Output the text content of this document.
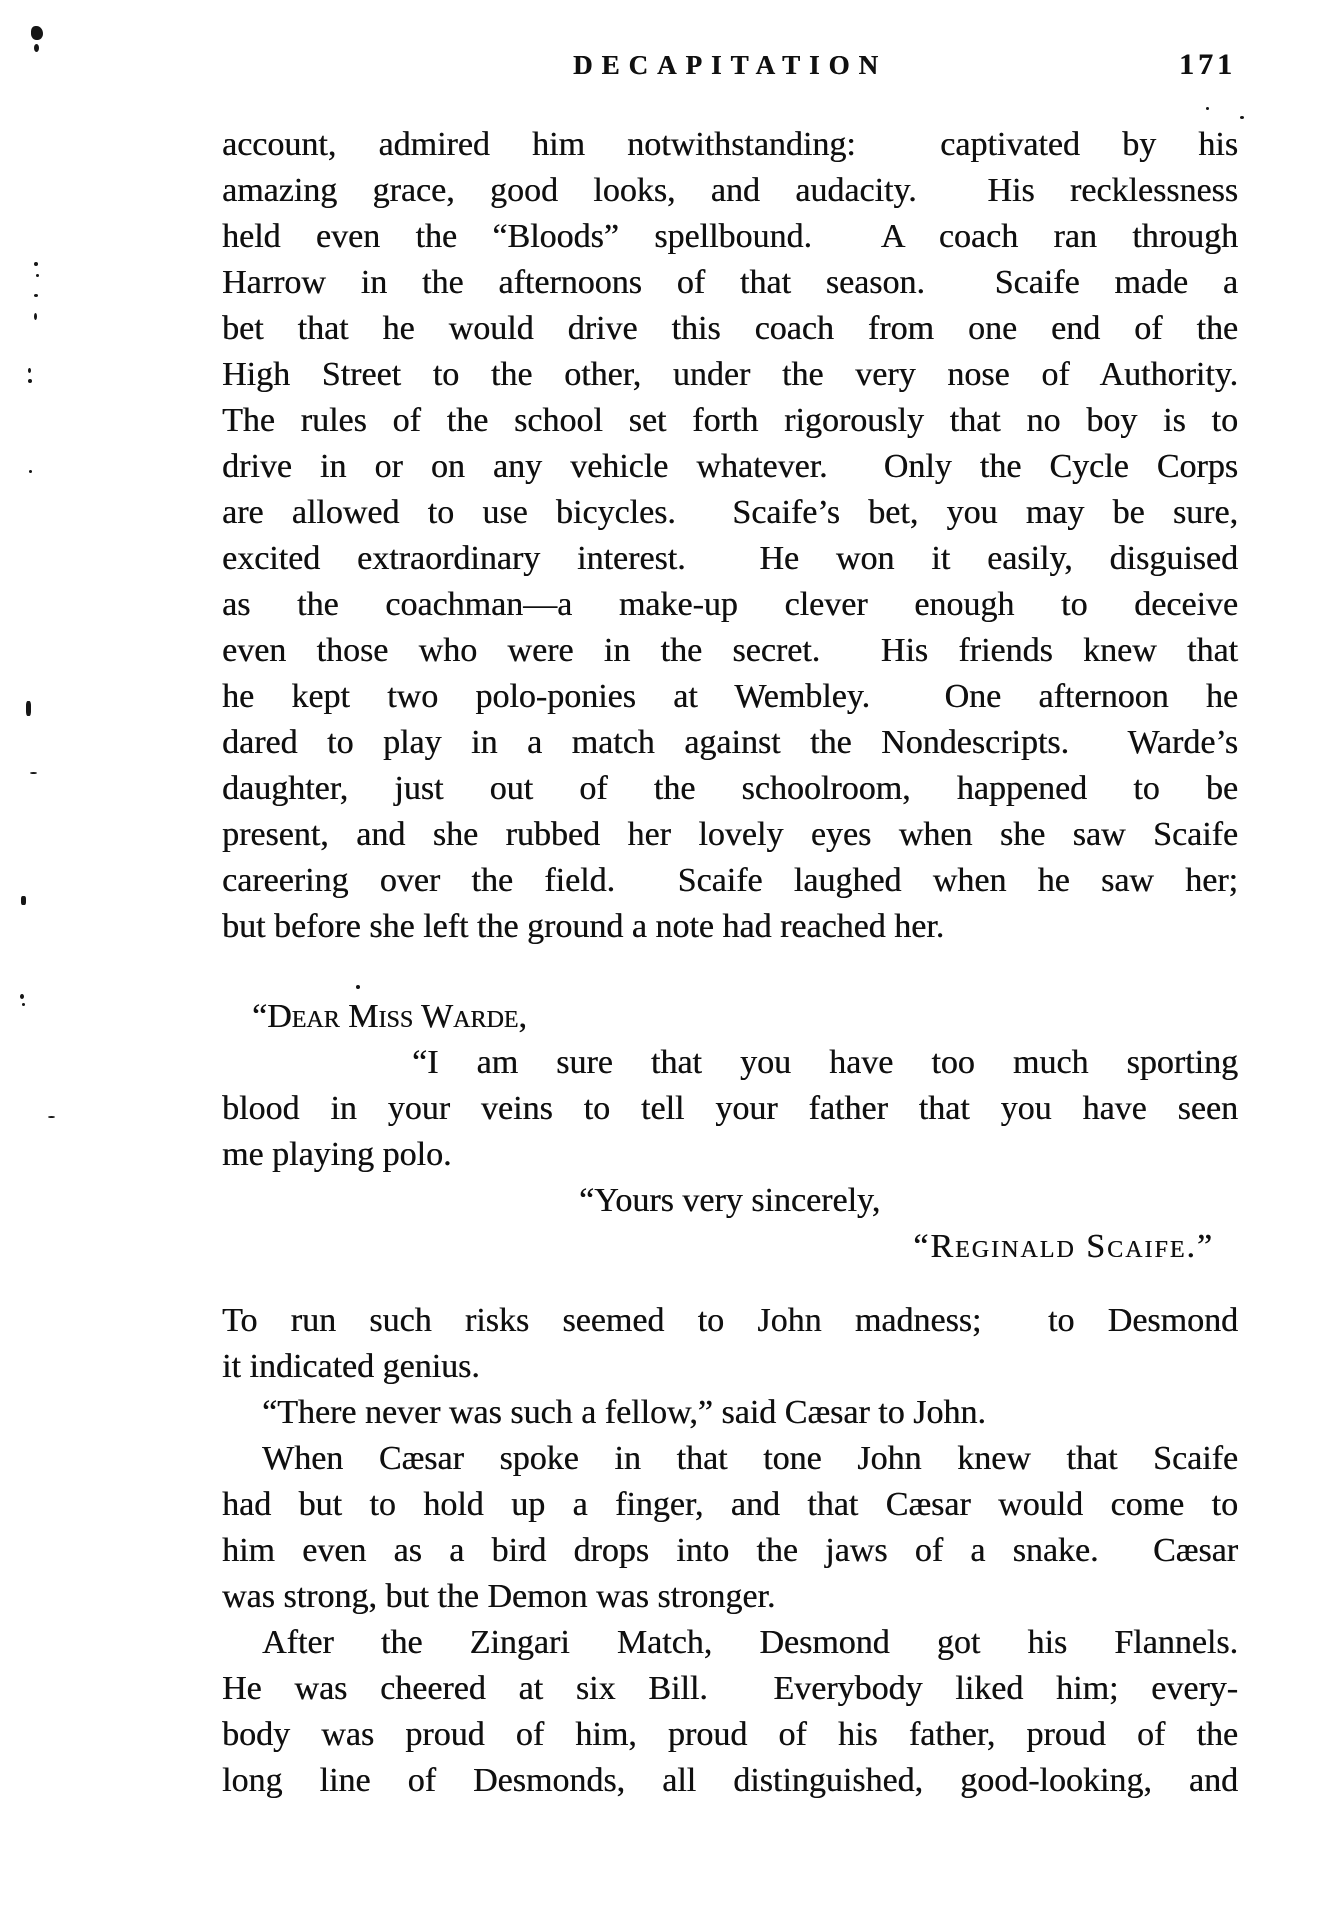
DECAPITATION	171
account, admired him notwithstanding:  captivated by his
amazing grace, good looks, and audacity.  His recklessness
held even the “Bloods” spellbound.  A coach ran through
Harrow in the afternoons of that season.  Scaife made a
bet that he would drive this coach from one end of the
High Street to the other, under the very nose of Authority.
The rules of the school set forth rigorously that no boy is to
drive in or on any vehicle whatever.  Only the Cycle Corps
are allowed to use bicycles.  Scaife’s bet, you may be sure,
excited extraordinary interest.  He won it easily, disguised
as the coachman—a make-up clever enough to deceive
even those who were in the secret.  His friends knew that
he kept two polo-ponies at Wembley.  One afternoon he
dared to play in a match against the Nondescripts.  Warde’s
daughter, just out of the schoolroom, happened to be
present, and she rubbed her lovely eyes when she saw Scaife
careering over the field.  Scaife laughed when he saw her;
but before she left the ground a note had reached her.
“Dear Miss Warde,
“I am sure that you have too much sporting
blood in your veins to tell your father that you have seen
me playing polo.
“Yours very sincerely,
“Reginald Scaife.”
To run such risks seemed to John madness;  to Desmond
it indicated genius.
“There never was such a fellow,” said Cæsar to John.
When Cæsar spoke in that tone John knew that Scaife
had but to hold up a finger, and that Cæsar would come to
him even as a bird drops into the jaws of a snake.  Cæsar
was strong, but the Demon was stronger.
After the Zingari Match, Desmond got his Flannels.
He was cheered at six Bill.  Everybody liked him; every-
body was proud of him, proud of his father, proud of the
long line of Desmonds, all distinguished, good-looking, and
